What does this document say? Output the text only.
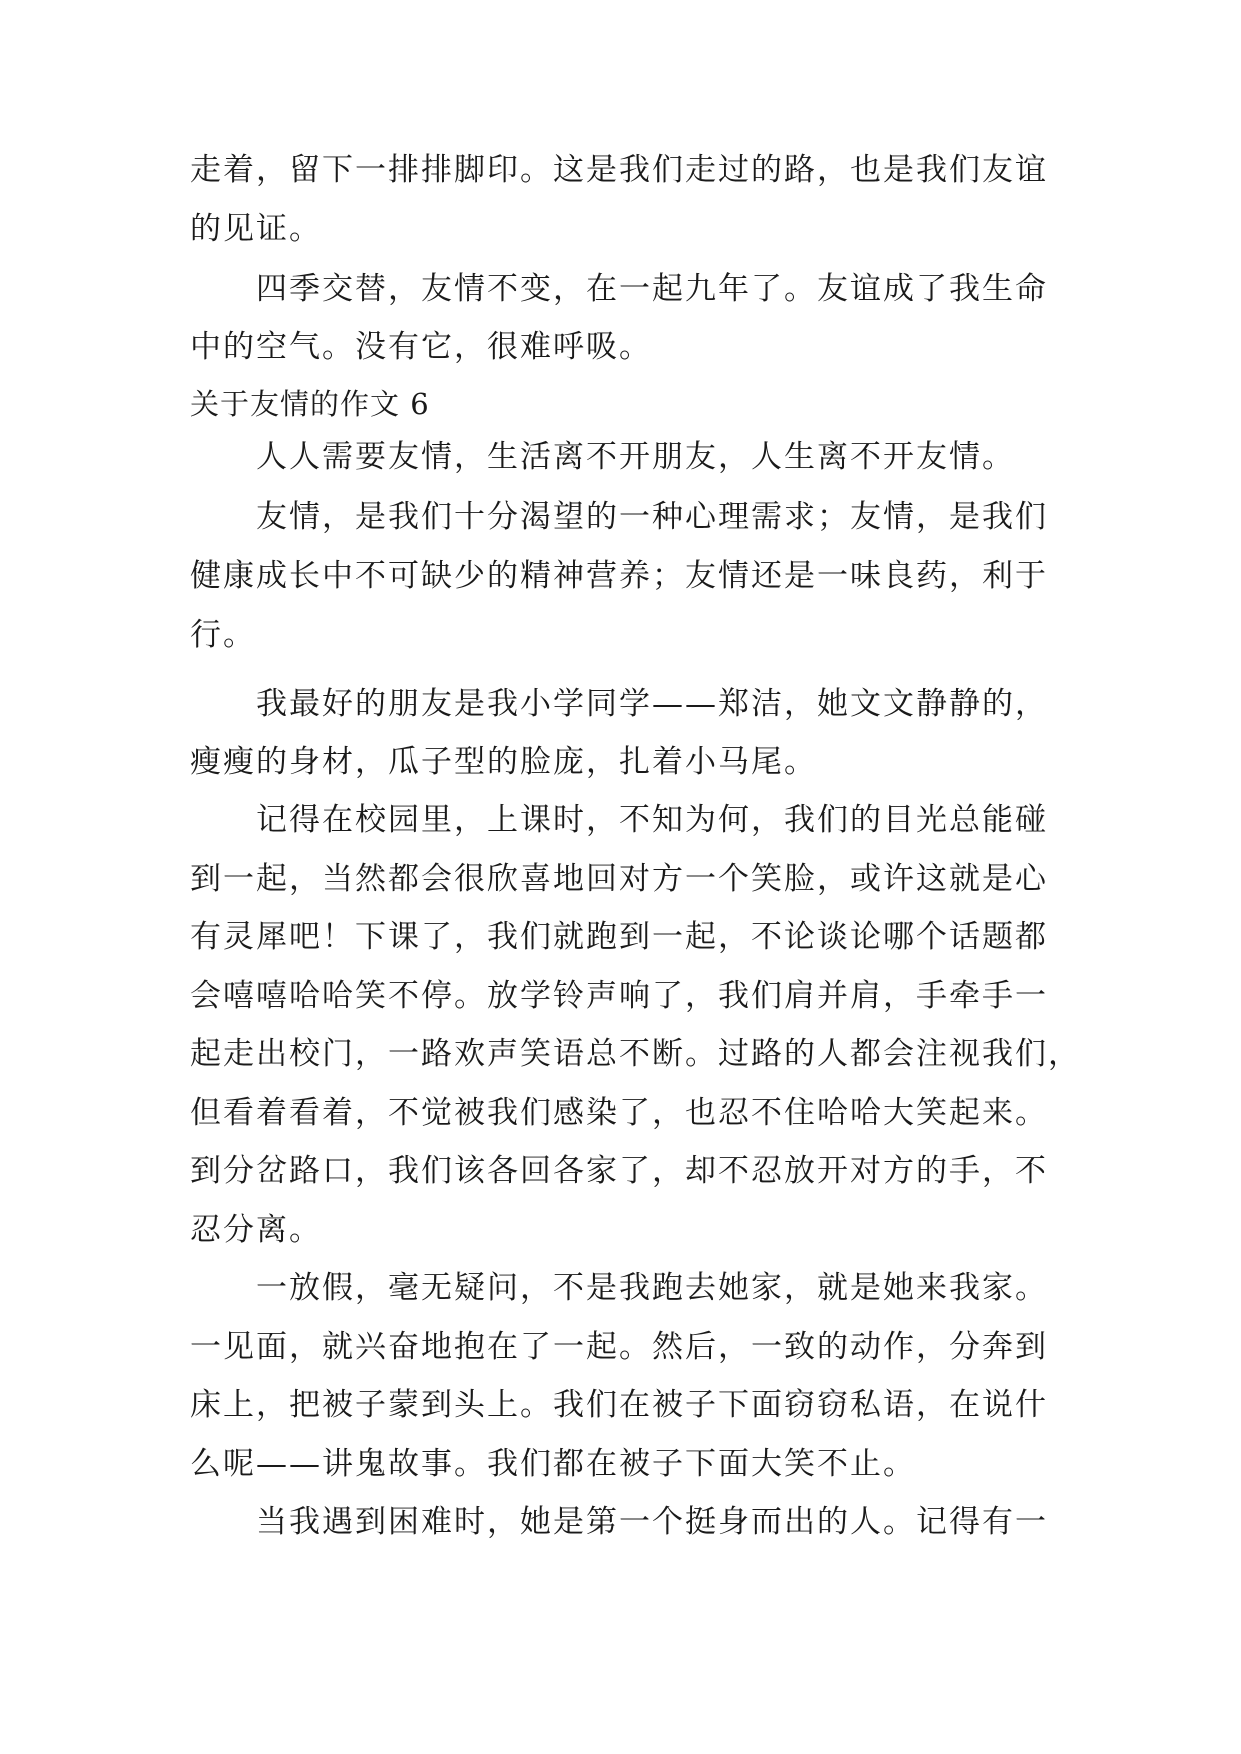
走着，留下一排排脚印。这是我们走过的路，也是我们友谊
的见证。
四季交替，友情不变，在一起九年了。友谊成了我生命
中的空气。没有它，很难呼吸。
关于友情的作文 6
人人需要友情，生活离不开朋友，人生离不开友情。
友情，是我们十分渴望的一种心理需求；友情，是我们
健康成长中不可缺少的精神营养；友情还是一味良药，利于
行。
我最好的朋友是我小学同学——郑洁，她文文静静的，
瘦瘦的身材，瓜子型的脸庞，扎着小马尾。
记得在校园里，上课时，不知为何，我们的目光总能碰
到一起，当然都会很欣喜地回对方一个笑脸，或许这就是心
有灵犀吧！下课了，我们就跑到一起，不论谈论哪个话题都
会嘻嘻哈哈笑不停。放学铃声响了，我们肩并肩，手牵手一
起走出校门，一路欢声笑语总不断。过路的人都会注视我们，
但看着看着，不觉被我们感染了，也忍不住哈哈大笑起来。
到分岔路口，我们该各回各家了，却不忍放开对方的手，不
忍分离。
一放假，毫无疑问，不是我跑去她家，就是她来我家。
一见面，就兴奋地抱在了一起。然后，一致的动作，分奔到
床上，把被子蒙到头上。我们在被子下面窃窃私语，在说什
么呢——讲鬼故事。我们都在被子下面大笑不止。
当我遇到困难时，她是第一个挺身而出的人。记得有一
